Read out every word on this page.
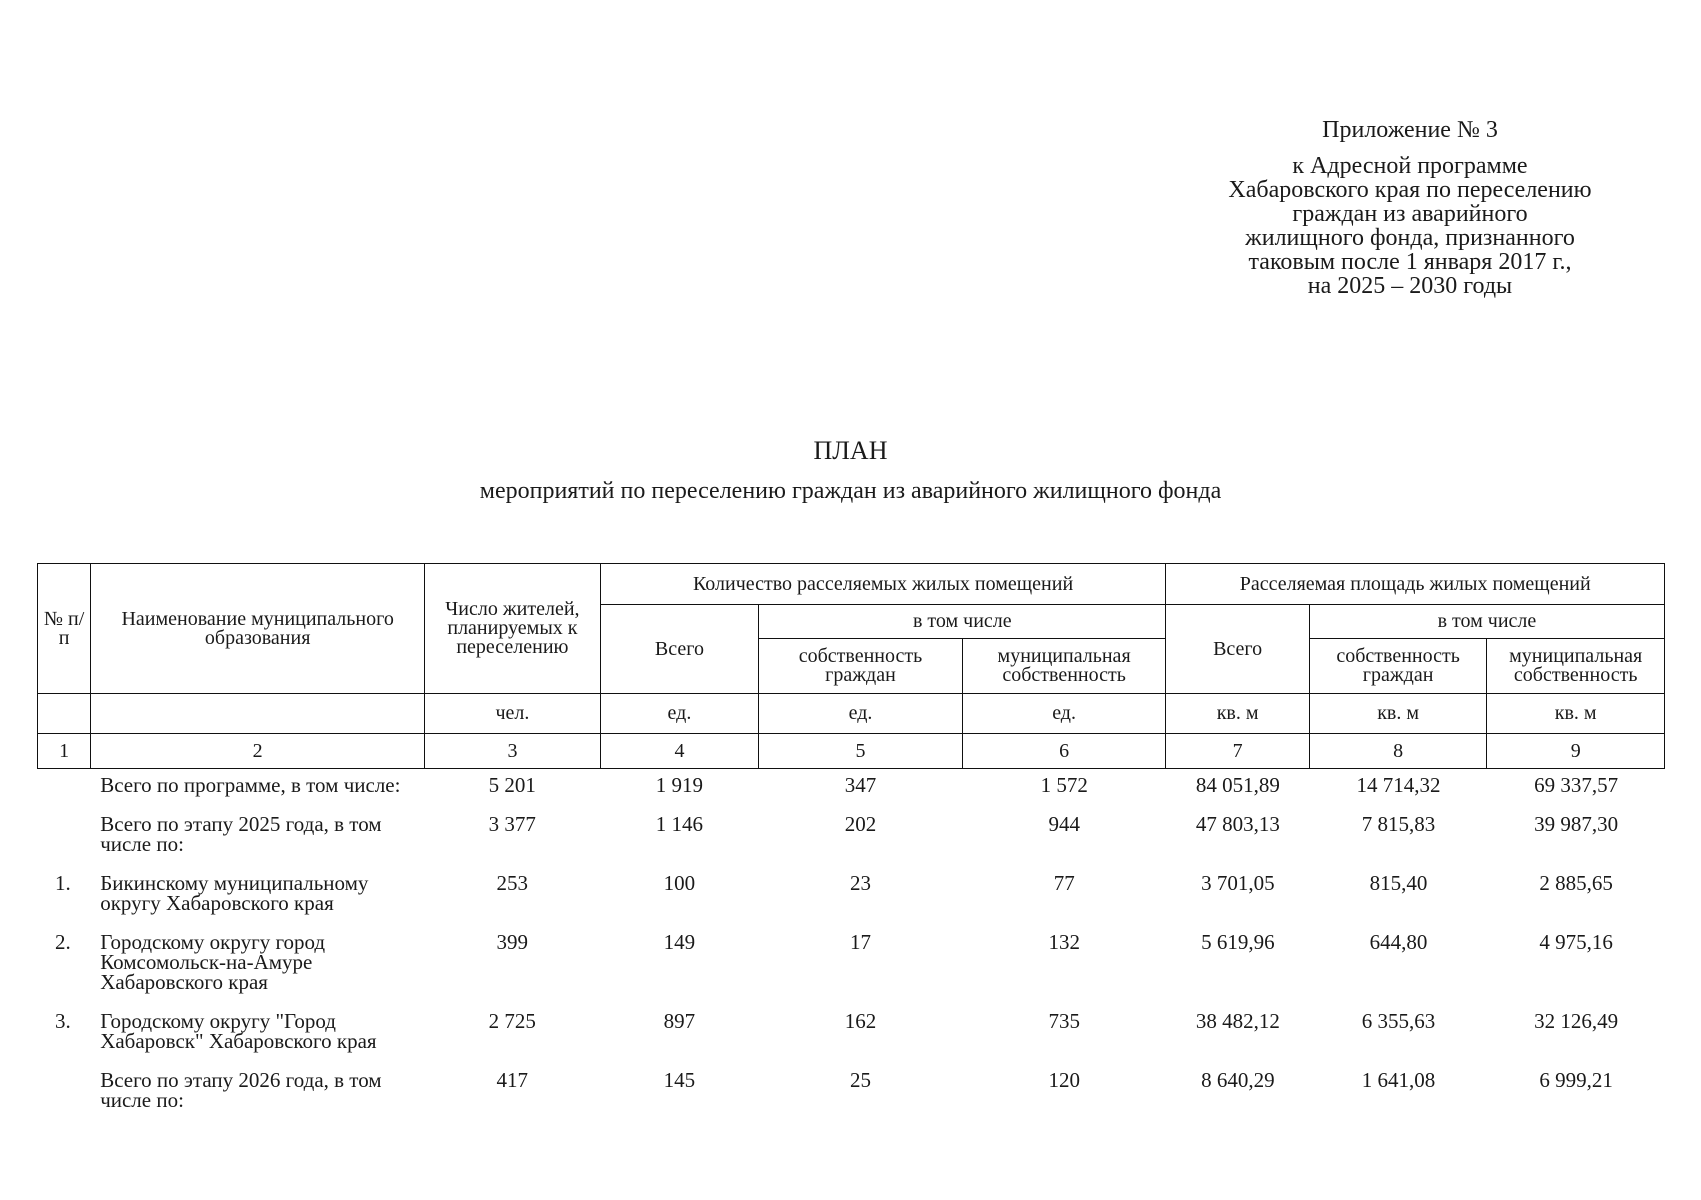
Приложение № 3
к Адресной программе
Хабаровского края по переселению
граждан из аварийного
жилищного фонда, признанного
таковым после 1 января 2017 г.,
на 2025 – 2030 годы
ПЛАН
мероприятий по переселению граждан из аварийного жилищного фонда
№ п/п	Наименование муниципального образования	Число жителей, планируемых к переселению	Количество расселяемых жилых помещений			Расселяемая площадь жилых помещений		
			Всего	в том числе		Всего	в том числе	
				собственность граждан	муниципальная собственность		собственность граждан	муниципальная собственность
		чел.	ед.	ед.	ед.	кв. м	кв. м	кв. м
1	2	3	4	5	6	7	8	9
	Всего по программе, в том числе:	5 201	1 919	347	1 572	84 051,89	14 714,32	69 337,57
	Всего по этапу 2025 года, в том числе по:	3 377	1 146	202	944	47 803,13	7 815,83	39 987,30
1.	Бикинскому муниципальному округу Хабаровского края	253	100	23	77	3 701,05	815,40	2 885,65
2.	Городскому округу город Комсомольск-на-Амуре Хабаровского края	399	149	17	132	5 619,96	644,80	4 975,16
3.	Городскому округу "Город Хабаровск" Хабаровского края	2 725	897	162	735	38 482,12	6 355,63	32 126,49
	Всего по этапу 2026 года, в том числе по:	417	145	25	120	8 640,29	1 641,08	6 999,21
